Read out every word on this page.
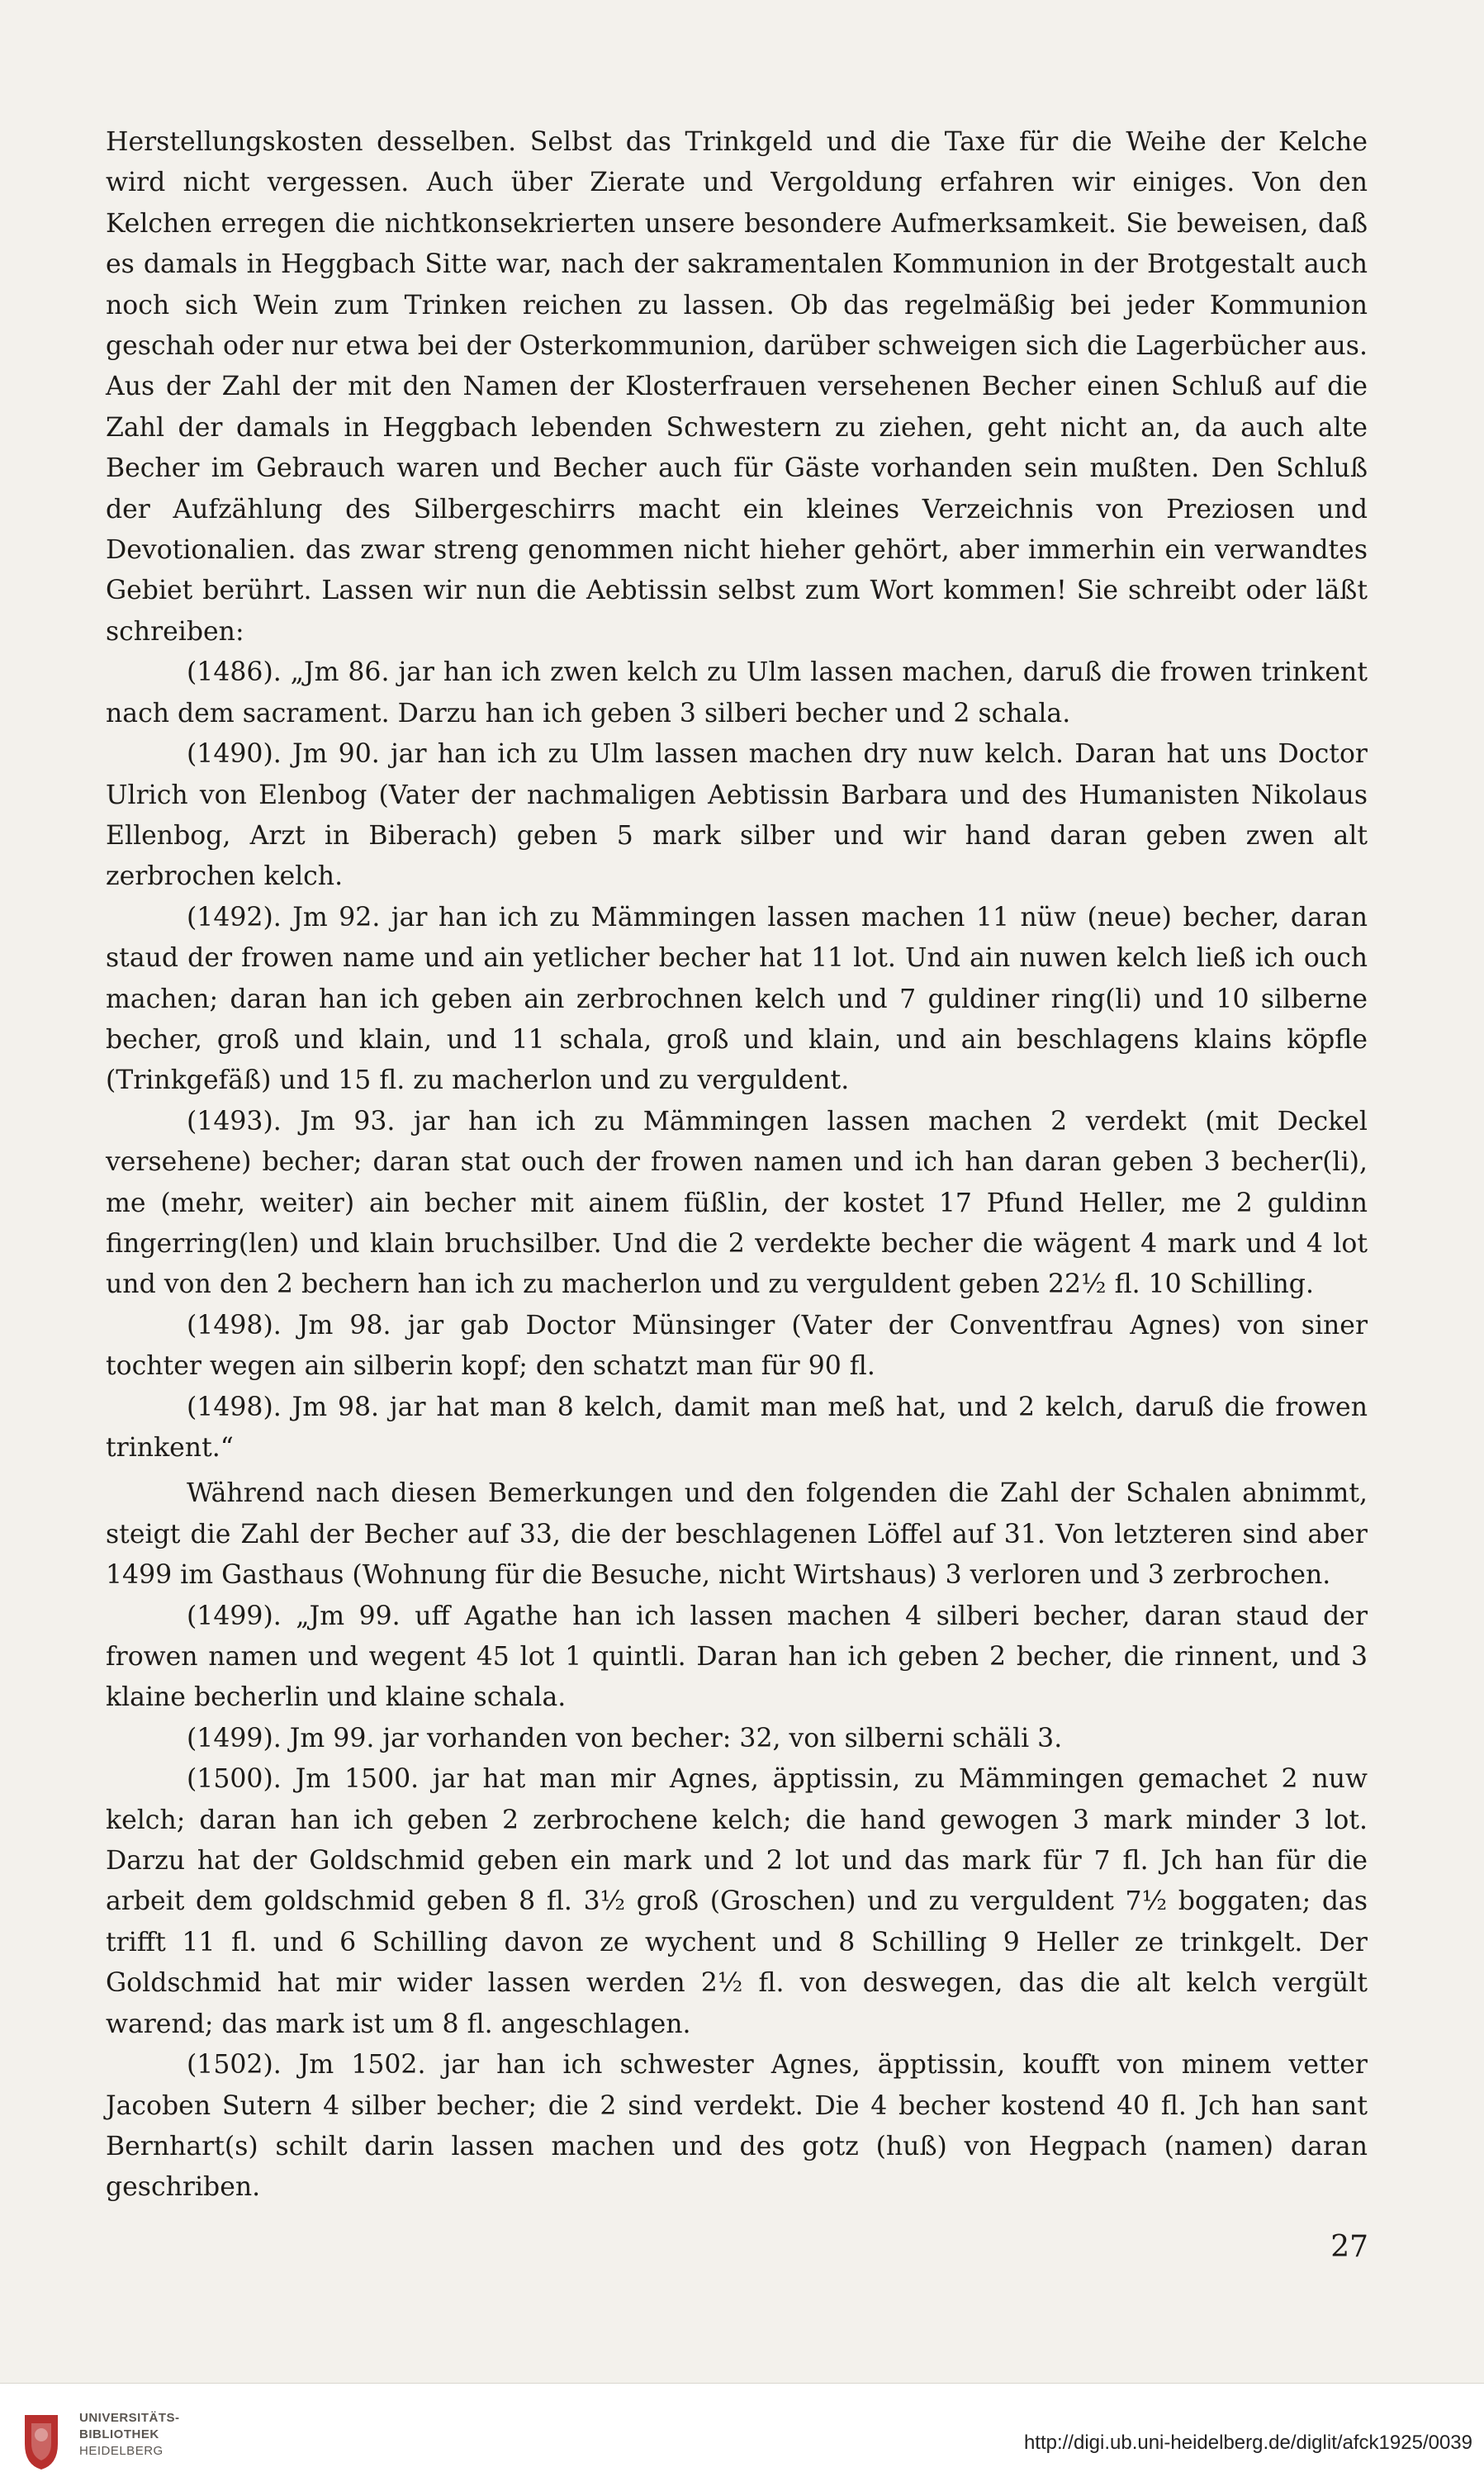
Herstellungskosten desselben. Selbst das Trinkgeld und die Taxe für die Weihe der Kelche wird nicht vergessen. Auch über Zierate und Vergoldung erfahren wir einiges. Von den Kelchen erregen die nichtkonsekrierten unsere besondere Aufmerksamkeit. Sie beweisen, daß es damals in Heggbach Sitte war, nach der sakramentalen Kommunion in der Brotgestalt auch noch sich Wein zum Trinken reichen zu lassen. Ob das regelmäßig bei jeder Kommunion geschah oder nur etwa bei der Osterkommunion, darüber schweigen sich die Lagerbücher aus. Aus der Zahl der mit den Namen der Klosterfrauen versehenen Becher einen Schluß auf die Zahl der damals in Heggbach lebenden Schwestern zu ziehen, geht nicht an, da auch alte Becher im Gebrauch waren und Becher auch für Gäste vorhanden sein mußten. Den Schluß der Aufzählung des Silbergeschirrs macht ein kleines Verzeichnis von Preziosen und Devotionalien. das zwar streng genommen nicht hieher gehört, aber immerhin ein verwandtes Gebiet berührt. Lassen wir nun die Aebtissin selbst zum Wort kommen! Sie schreibt oder läßt schreiben:

(1486). „Jm 86. jar han ich zwen kelch zu Ulm lassen machen, daruß die frowen trinkent nach dem sacrament. Darzu han ich geben 3 silberi becher und 2 schala.

(1490). Jm 90. jar han ich zu Ulm lassen machen dry nuw kelch. Daran hat uns Doctor Ulrich von Elenbog (Vater der nachmaligen Aebtissin Barbara und des Humanisten Nikolaus Ellenbog, Arzt in Biberach) geben 5 mark silber und wir hand daran geben zwen alt zerbrochen kelch.

(1492). Jm 92. jar han ich zu Mämmingen lassen machen 11 nüw (neue) becher, daran staud der frowen name und ain yetlicher becher hat 11 lot. Und ain nuwen kelch ließ ich ouch machen; daran han ich geben ain zerbrochnen kelch und 7 guldiner ring(li) und 10 silberne becher, groß und klain, und 11 schala, groß und klain, und ain beschlagens klains köpfle (Trinkgefäß) und 15 fl. zu macherlon und zu verguldent.

(1493). Jm 93. jar han ich zu Mämmingen lassen machen 2 verdekt (mit Deckel versehene) becher; daran stat ouch der frowen namen und ich han daran geben 3 becher(li), me (mehr, weiter) ain becher mit ainem füßlin, der kostet 17 Pfund Heller, me 2 guldinn fingerring(len) und klain bruchsilber. Und die 2 verdekte becher die wägent 4 mark und 4 lot und von den 2 bechern han ich zu macherlon und zu verguldent geben 22½ fl. 10 Schilling.

(1498). Jm 98. jar gab Doctor Münsinger (Vater der Conventfrau Agnes) von siner tochter wegen ain silberin kopf; den schatzt man für 90 fl.

(1498). Jm 98. jar hat man 8 kelch, damit man meß hat, und 2 kelch, daruß die frowen trinkent.“

Während nach diesen Bemerkungen und den folgenden die Zahl der Schalen abnimmt, steigt die Zahl der Becher auf 33, die der beschlagenen Löffel auf 31. Von letzteren sind aber 1499 im Gasthaus (Wohnung für die Besuche, nicht Wirtshaus) 3 verloren und 3 zerbrochen.

(1499). „Jm 99. uff Agathe han ich lassen machen 4 silberi becher, daran staud der frowen namen und wegent 45 lot 1 quintli. Daran han ich geben 2 becher, die rinnent, und 3 klaine becherlin und klaine schala.

(1499). Jm 99. jar vorhanden von becher: 32, von silberni schäli 3.

(1500). Jm 1500. jar hat man mir Agnes, äpptissin, zu Mämmingen gemachet 2 nuw kelch; daran han ich geben 2 zerbrochene kelch; die hand gewogen 3 mark minder 3 lot. Darzu hat der Goldschmid geben ein mark und 2 lot und das mark für 7 fl. Jch han für die arbeit dem goldschmid geben 8 fl. 3½ groß (Groschen) und zu verguldent 7½ boggaten; das trifft 11 fl. und 6 Schilling davon ze wychent und 8 Schilling 9 Heller ze trinkgelt. Der Goldschmid hat mir wider lassen werden 2½ fl. von deswegen, das die alt kelch vergült warend; das mark ist um 8 fl. angeschlagen.

(1502). Jm 1502. jar han ich schwester Agnes, äpptissin, koufft von minem vetter Jacoben Sutern 4 silber becher; die 2 sind verdekt. Die 4 becher kostend 40 fl. Jch han sant Bernhart(s) schilt darin lassen machen und des gotz (huß) von Hegpach (namen) daran geschriben.

27
UNIVERSITÄTS-
BIBLIOTHEK
HEIDELBERG	http://digi.ub.uni-heidelberg.de/diglit/afck1925/0039
